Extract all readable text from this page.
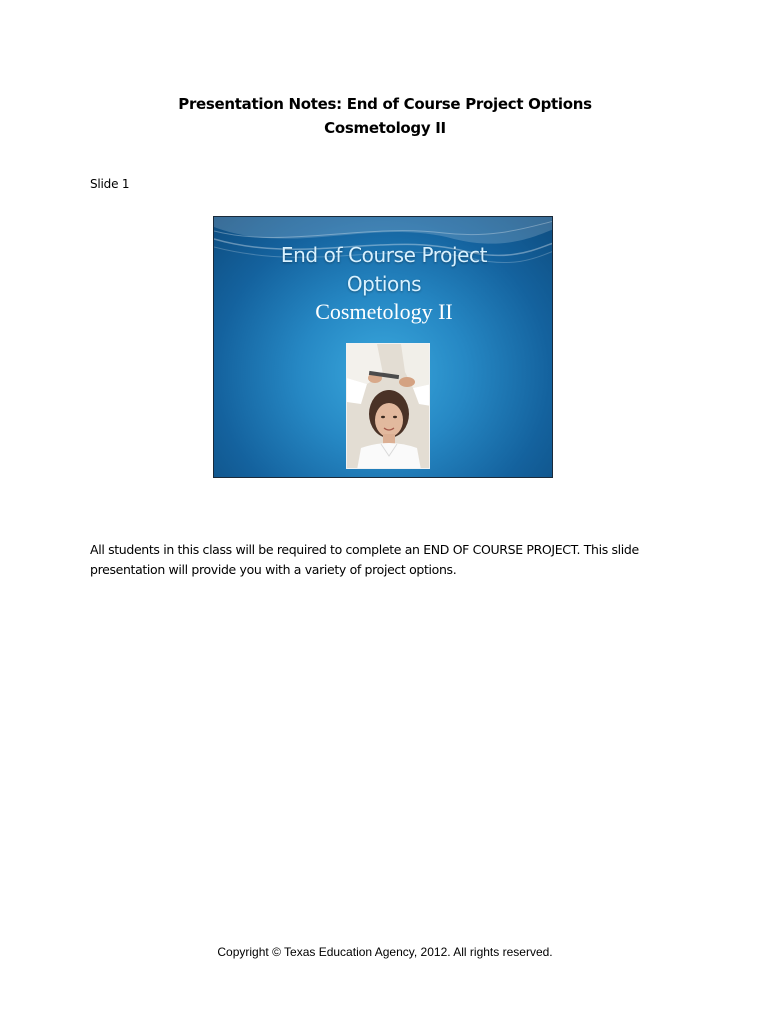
Presentation Notes: End of Course Project Options
Cosmetology II
Slide 1
End of Course Project
Options
Cosmetology II
All students in this class will be required to complete an END OF COURSE PROJECT. This slide presentation will provide you with a variety of project options.
Copyright © Texas Education Agency, 2012. All rights reserved.
